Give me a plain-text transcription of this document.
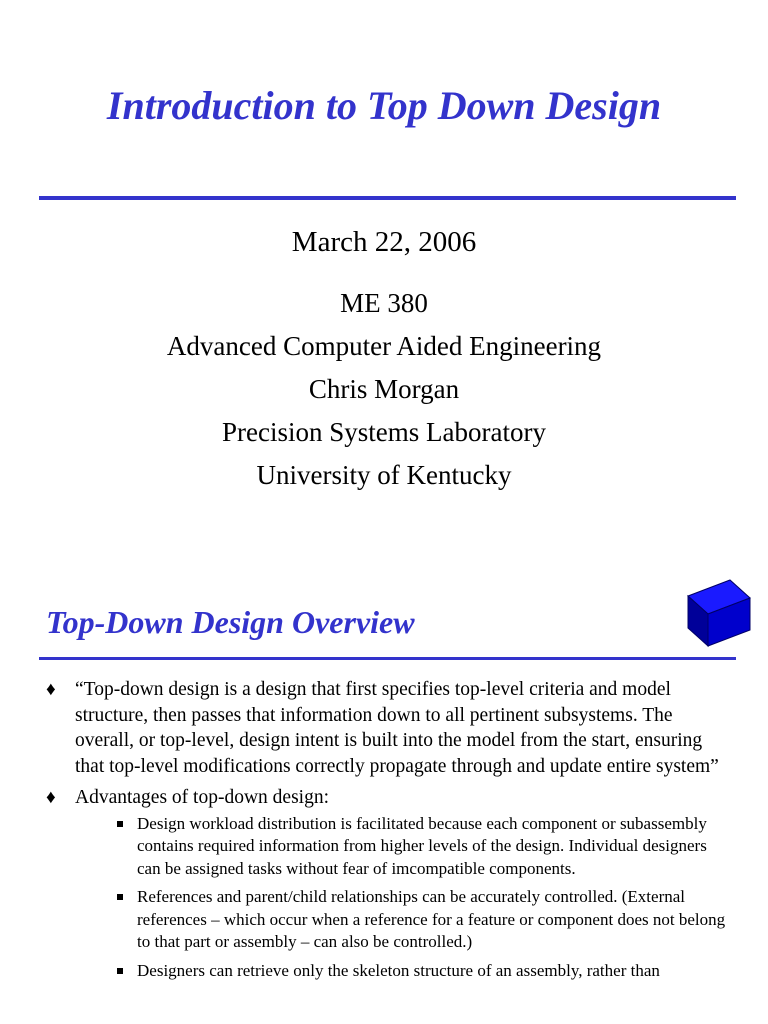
Introduction to Top Down Design
March 22, 2006
ME 380
Advanced Computer Aided Engineering
Chris Morgan
Precision Systems Laboratory
University of Kentucky
Top-Down Design Overview
♦ “Top-down design is a design that first specifies top-level criteria and model structure, then passes that information down to all pertinent subsystems. The overall, or top-level, design intent is built into the model from the start, ensuring that top-level modifications correctly propagate through and update entire system”
♦ Advantages of top-down design:
Design workload distribution is facilitated because each component or subassembly contains required information from higher levels of the design. Individual designers can be assigned tasks without fear of imcompatible components.
References and parent/child relationships can be accurately controlled. (External references – which occur when a reference for a feature or component does not belong to that part or assembly – can also be controlled.)
Designers can retrieve only the skeleton structure of an assembly, rather than
